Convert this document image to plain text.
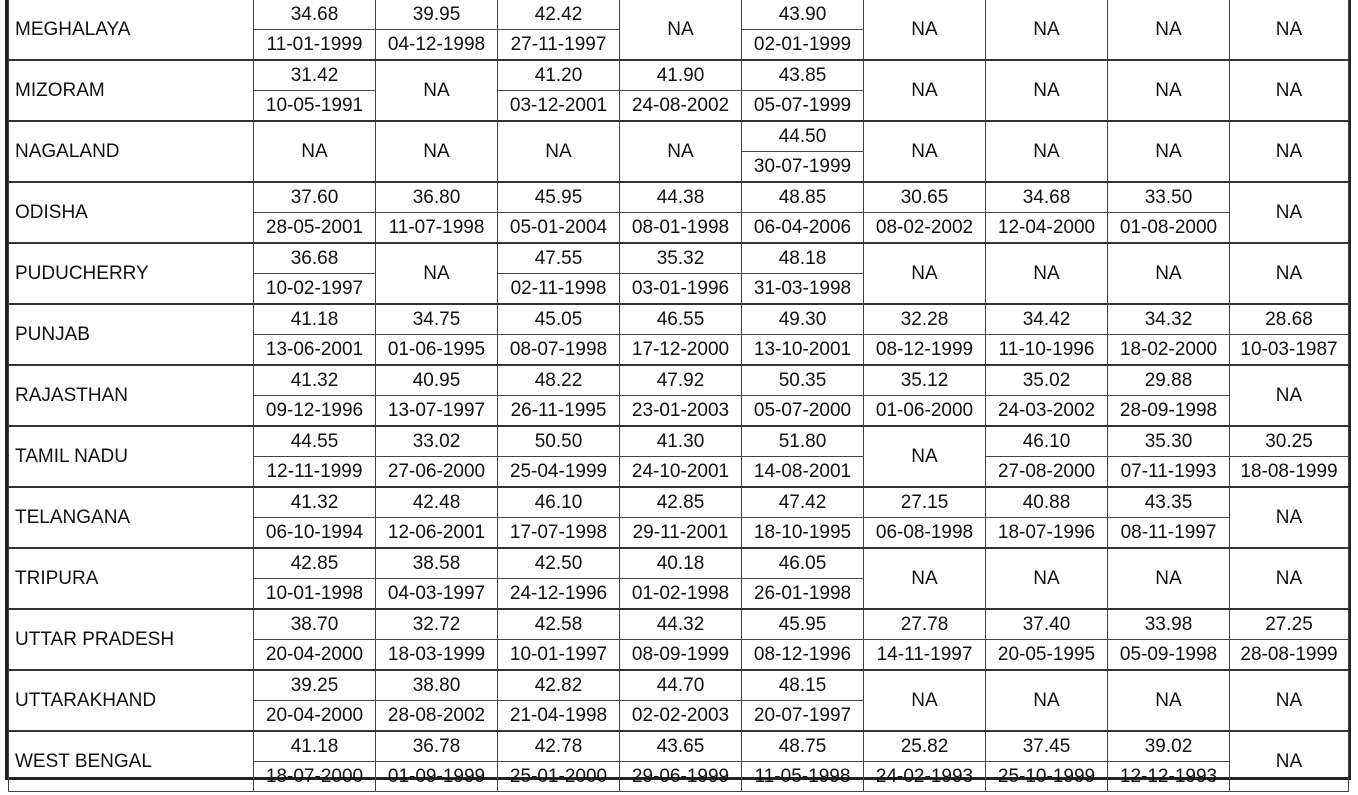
MEGHALAYA	34.68	39.95	42.42	NA	43.90	NA	NA	NA	NA
	11-01-1999	04-12-1998	27-11-1997		02-01-1999				
MIZORAM	31.42	NA	41.20	41.90	43.85	NA	NA	NA	NA
	10-05-1991		03-12-2001	24-08-2002	05-07-1999				
NAGALAND	NA	NA	NA	NA	44.50	NA	NA	NA	NA
					30-07-1999				
ODISHA	37.60	36.80	45.95	44.38	48.85	30.65	34.68	33.50	NA
	28-05-2001	11-07-1998	05-01-2004	08-01-1998	06-04-2006	08-02-2002	12-04-2000	01-08-2000	
PUDUCHERRY	36.68	NA	47.55	35.32	48.18	NA	NA	NA	NA
	10-02-1997		02-11-1998	03-01-1996	31-03-1998				
PUNJAB	41.18	34.75	45.05	46.55	49.30	32.28	34.42	34.32	28.68
	13-06-2001	01-06-1995	08-07-1998	17-12-2000	13-10-2001	08-12-1999	11-10-1996	18-02-2000	10-03-1987
RAJASTHAN	41.32	40.95	48.22	47.92	50.35	35.12	35.02	29.88	NA
	09-12-1996	13-07-1997	26-11-1995	23-01-2003	05-07-2000	01-06-2000	24-03-2002	28-09-1998	
TAMIL NADU	44.55	33.02	50.50	41.30	51.80	NA	46.10	35.30	30.25
	12-11-1999	27-06-2000	25-04-1999	24-10-2001	14-08-2001		27-08-2000	07-11-1993	18-08-1999
TELANGANA	41.32	42.48	46.10	42.85	47.42	27.15	40.88	43.35	NA
	06-10-1994	12-06-2001	17-07-1998	29-11-2001	18-10-1995	06-08-1998	18-07-1996	08-11-1997	
TRIPURA	42.85	38.58	42.50	40.18	46.05	NA	NA	NA	NA
	10-01-1998	04-03-1997	24-12-1996	01-02-1998	26-01-1998				
UTTAR PRADESH	38.70	32.72	42.58	44.32	45.95	27.78	37.40	33.98	27.25
	20-04-2000	18-03-1999	10-01-1997	08-09-1999	08-12-1996	14-11-1997	20-05-1995	05-09-1998	28-08-1999
UTTARAKHAND	39.25	38.80	42.82	44.70	48.15	NA	NA	NA	NA
	20-04-2000	28-08-2002	21-04-1998	02-02-2003	20-07-1997				
WEST BENGAL	41.18	36.78	42.78	43.65	48.75	25.82	37.45	39.02	NA
	18-07-2000	01-09-1999	25-01-2000	29-06-1999	11-05-1998	24-02-1993	25-10-1999	12-12-1993	
